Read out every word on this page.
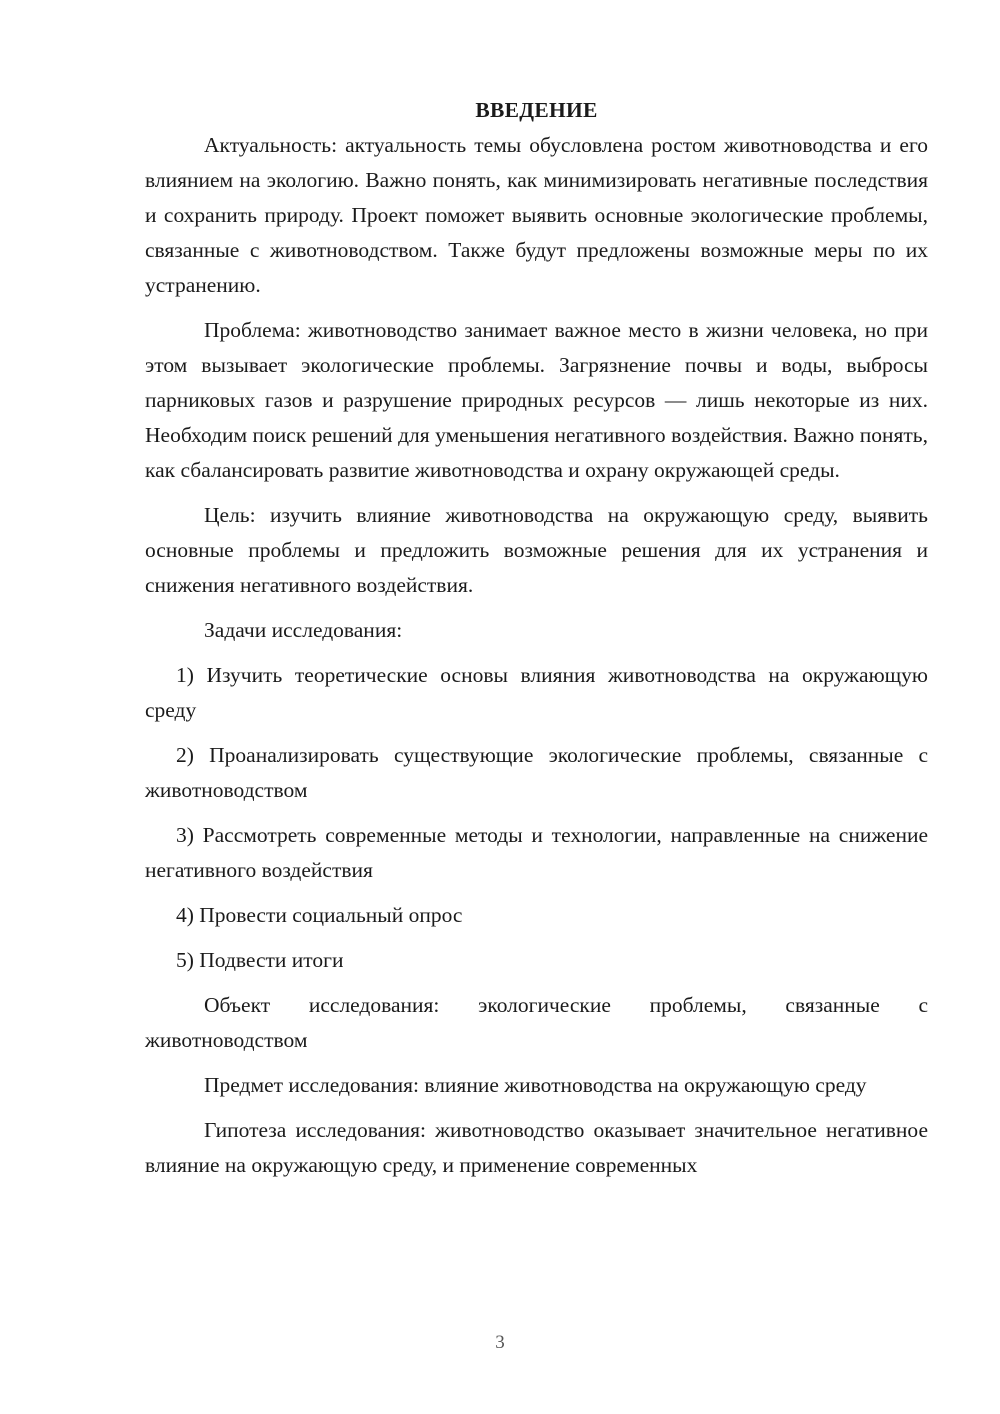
ВВЕДЕНИЕ

Актуальность: актуальность темы обусловлена ростом животноводства и его влиянием на экологию. Важно понять, как минимизировать негативные последствия и сохранить природу. Проект поможет выявить основные экологические проблемы, связанные с животноводством. Также будут предложены возможные меры по их устранению.

Проблема: животноводство занимает важное место в жизни человека, но при этом вызывает экологические проблемы. Загрязнение почвы и воды, выбросы парниковых газов и разрушение природных ресурсов — лишь некоторые из них. Необходим поиск решений для уменьшения негативного воздействия. Важно понять, как сбалансировать развитие животноводства и охрану окружающей среды.

Цель: изучить влияние животноводства на окружающую среду, выявить основные проблемы и предложить возможные решения для их устранения и снижения негативного воздействия.

Задачи исследования:

1) Изучить теоретические основы влияния животноводства на окружающую среду

2) Проанализировать существующие экологические проблемы, связанные с животноводством

3) Рассмотреть современные методы и технологии, направленные на снижение негативного воздействия

4) Провести социальный опрос

5) Подвести итоги

Объект исследования: экологические проблемы, связанные с животноводством

Предмет исследования: влияние животноводства на окружающую среду

Гипотеза исследования: животноводство оказывает значительное негативное влияние на окружающую среду, и применение современных

3
